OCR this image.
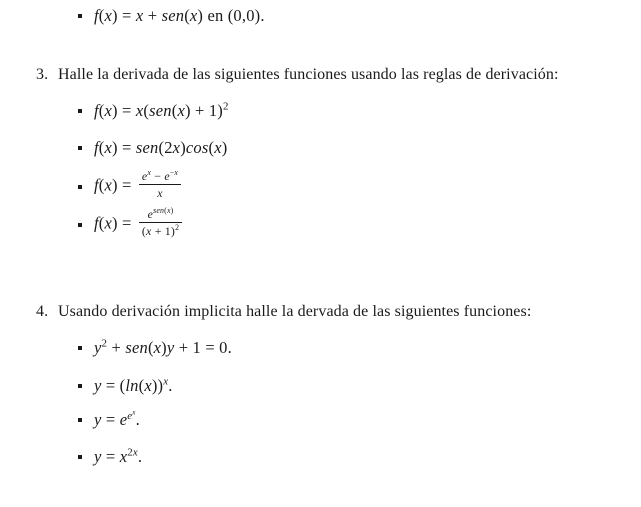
f(x) = x + sen(x) en (0,0).
3. Halle la derivada de las siguientes funciones usando las reglas de derivación:
$f(x) = x(sen(x) + 1)^2$
f(x) = sen(2x)cos(x)
$f(x) = \frac{e^x - e^{-x}}{x}$
$f(x) = \frac{e^{sen(x)}}{(x + 1)^2}$
4. Usando derivación implicita halle la dervada de las siguientes funciones:
$y^2 + sen(x)y + 1 = 0$.
$y = (\ln(x))^x$.
$y = e^{e^x}$.
$y = x^{2x}$.
